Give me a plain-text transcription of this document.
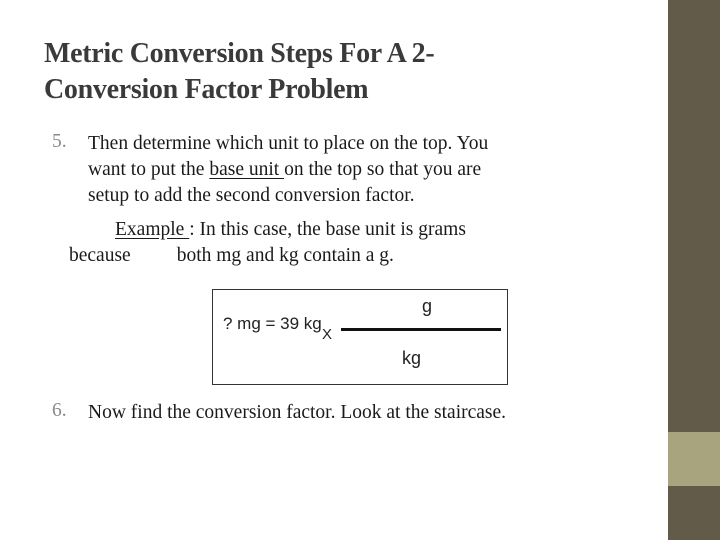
Metric Conversion Steps For A 2-
Conversion Factor Problem
5. Then determine which unit to place on the top. You
want to put the base unit on the top so that you are
setup to add the second conversion factor.
Example : In this case, the base unit is grams
because both mg and kg contain a g.
? mg = 39 kg
X
g
kg
6. Now find the conversion factor. Look at the staircase.
